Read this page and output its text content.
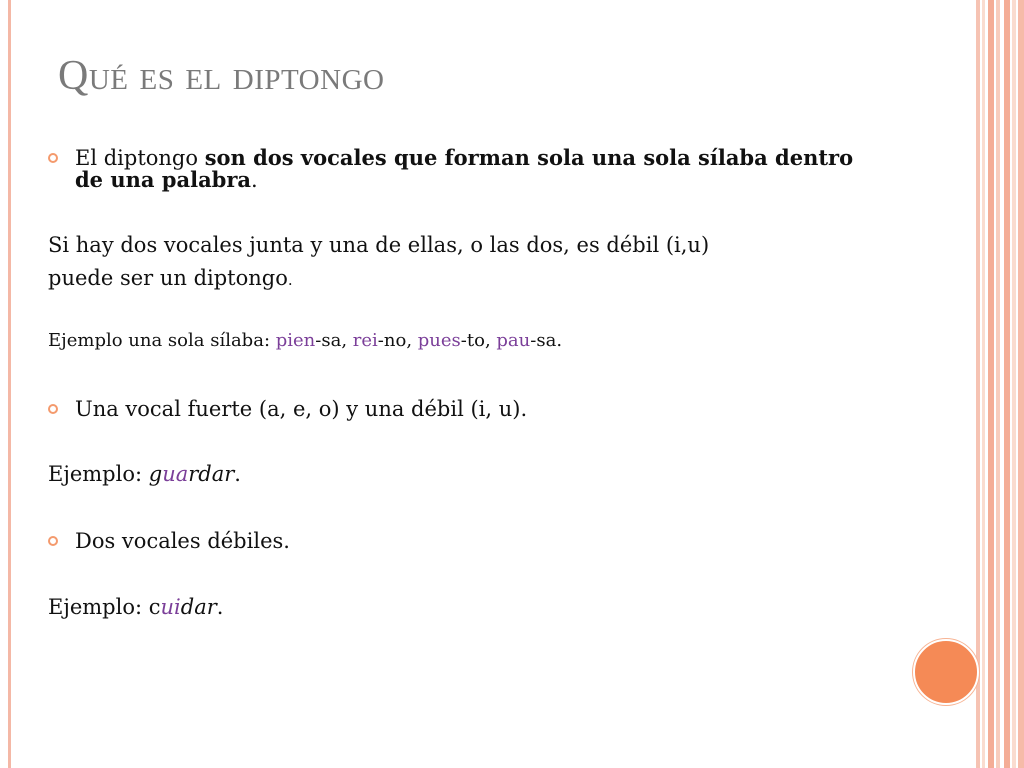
Qué es el diptongo
El diptongo son dos vocales que forman sola una sola sílaba dentro
de una palabra.
Si hay dos vocales junta y una de ellas, o las dos, es débil (i,u)
puede ser un diptongo.
Ejemplo una sola sílaba: pien-sa, rei-no, pues-to, pau-sa.
Una vocal fuerte (a, e, o) y una débil (i, u).
Ejemplo: guardar.
Dos vocales débiles.
Ejemplo: cuidar.
